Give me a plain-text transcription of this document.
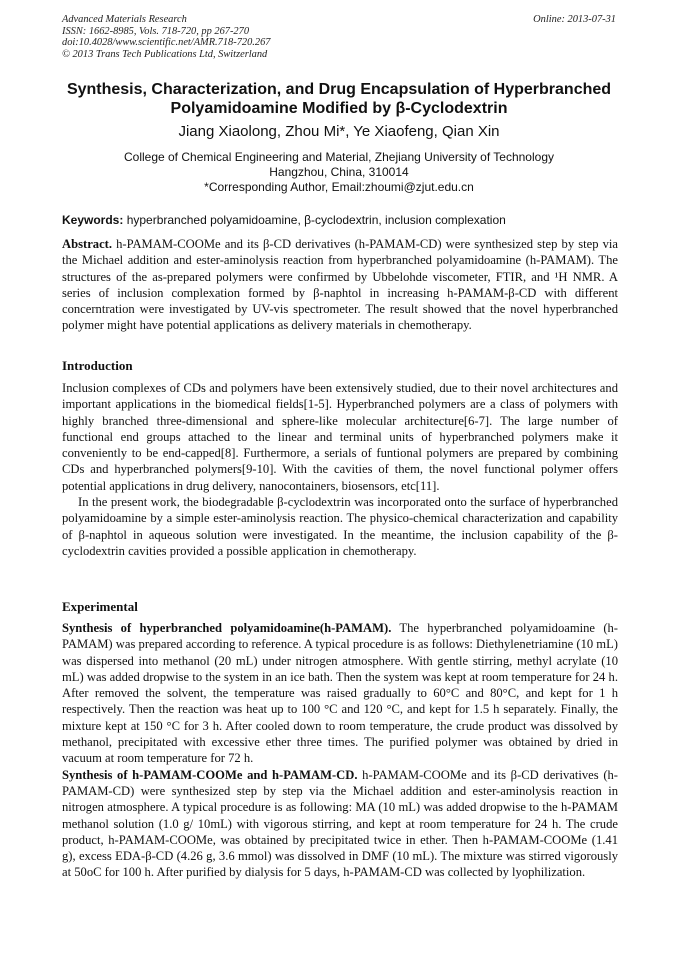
Advanced Materials Research
ISSN: 1662-8985, Vols. 718-720, pp 267-270
doi:10.4028/www.scientific.net/AMR.718-720.267
© 2013 Trans Tech Publications Ltd, Switzerland
Online: 2013-07-31
Synthesis, Characterization, and Drug Encapsulation of Hyperbranched
Polyamidoamine Modified by β-Cyclodextrin
Jiang Xiaolong, Zhou Mi*, Ye Xiaofeng, Qian Xin
College of Chemical Engineering and Material, Zhejiang University of Technology
Hangzhou, China, 310014
*Corresponding Author, Email:zhoumi@zjut.edu.cn
Keywords: hyperbranched polyamidoamine, β-cyclodextrin, inclusion complexation

Abstract. h-PAMAM-COOMe and its β-CD derivatives (h-PAMAM-CD) were synthesized step by step via the Michael addition and ester-aminolysis reaction from hyperbranched polyamidoamine (h-PAMAM). The structures of the as-prepared polymers were confirmed by Ubbelohde viscometer, FTIR, and ¹H NMR. A series of inclusion complexation formed by β-naphtol in increasing h-PAMAM-β-CD with different concerntration were investigated by UV-vis spectrometer. The result showed that the novel hyperbranched polymer might have potential applications as delivery materials in chemotherapy.

Introduction

Inclusion complexes of CDs and polymers have been extensively studied, due to their novel architectures and important applications in the biomedical fields[1-5]. Hyperbranched polymers are a class of polymers with highly branched three-dimensional and sphere-like molecular architecture[6-7]. The large number of functional end groups attached to the linear and terminal units of hyperbranched polymers make it conveniently to be end-capped[8]. Furthermore, a serials of funtional polymers are prepared by combining CDs and hyperbranched polymers[9-10]. With the cavities of them, the novel functional polymer offers potential applications in drug delivery, nanocontainers, biosensors, etc[11].

In the present work, the biodegradable β-cyclodextrin was incorporated onto the surface of hyperbranched polyamidoamine by a simple ester-aminolysis reaction. The physico-chemical characterization and capability of β-naphtol in aqueous solution were investigated. In the meantime, the inclusion capability of the β-cyclodextrin cavities provided a possible application in chemotherapy.

Experimental

Synthesis of hyperbranched polyamidoamine(h-PAMAM). The hyperbranched polyamidoamine (h-PAMAM) was prepared according to reference. A typical procedure is as follows: Diethylenetriamine (10 mL) was dispersed into methanol (20 mL) under nitrogen atmosphere. With gentle stirring, methyl acrylate (10 mL) was added dropwise to the system in an ice bath. Then the system was kept at room temperature for 24 h. After removed the solvent, the temperature was raised gradually to 60°C and 80°C, and kept for 1 h respectively. Then the reaction was heat up to 100 °C and 120 °C, and kept for 1.5 h separately. Finally, the mixture kept at 150 °C for 3 h. After cooled down to room temperature, the crude product was dissolved by methanol, precipitated with excessive ether three times. The purified polymer was obtained by dried in vacuum at room temperature for 72 h.

Synthesis of h-PAMAM-COOMe and h-PAMAM-CD. h-PAMAM-COOMe and its β-CD derivatives (h-PAMAM-CD) were synthesized step by step via the Michael addition and ester-aminolysis reaction in nitrogen atmosphere. A typical procedure is as following: MA (10 mL) was added dropwise to the h-PAMAM methanol solution (1.0 g/ 10mL) with vigorous stirring, and kept at room temperature for 24 h. The crude product, h-PAMAM-COOMe, was obtained by precipitated twice in ether. Then h-PAMAM-COOMe (1.41 g), excess EDA-β-CD (4.26 g, 3.6 mmol) was dissolved in DMF (10 mL). The mixture was stirred vigorously at 50oC for 100 h. After purified by dialysis for 5 days, h-PAMAM-CD was collected by lyophilization.
